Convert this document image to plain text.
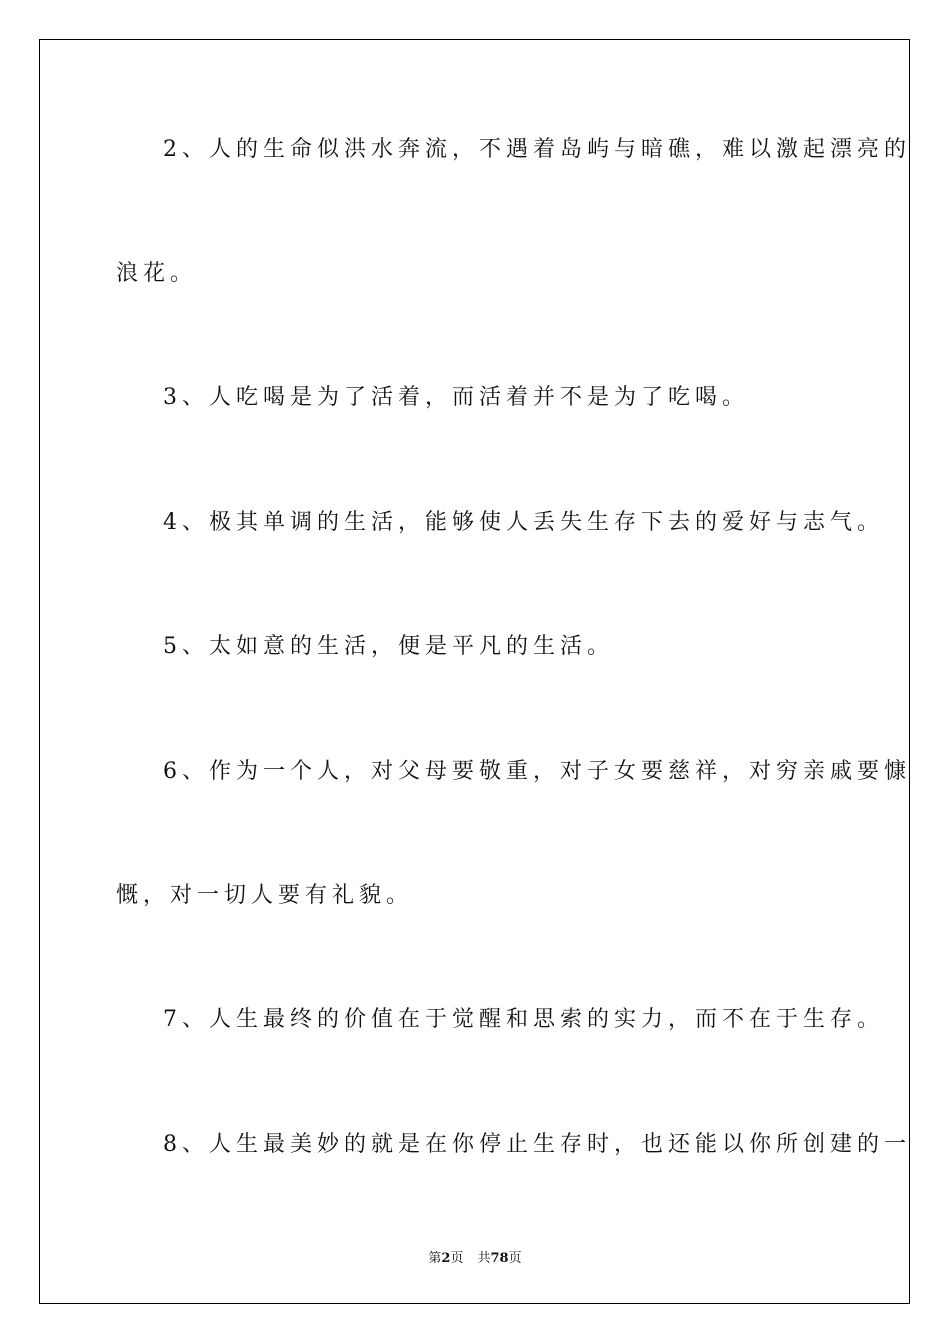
2、人的生命似洪水奔流，不遇着岛屿与暗礁，难以激起漂亮的
浪花。
3、人吃喝是为了活着，而活着并不是为了吃喝。
4、极其单调的生活，能够使人丢失生存下去的爱好与志气。
5、太如意的生活，便是平凡的生活。
6、作为一个人，对父母要敬重，对子女要慈祥，对穷亲戚要慷
慨，对一切人要有礼貌。
7、人生最终的价值在于觉醒和思索的实力，而不在于生存。
8、人生最美妙的就是在你停止生存时，也还能以你所创建的一
第2页 共78页
